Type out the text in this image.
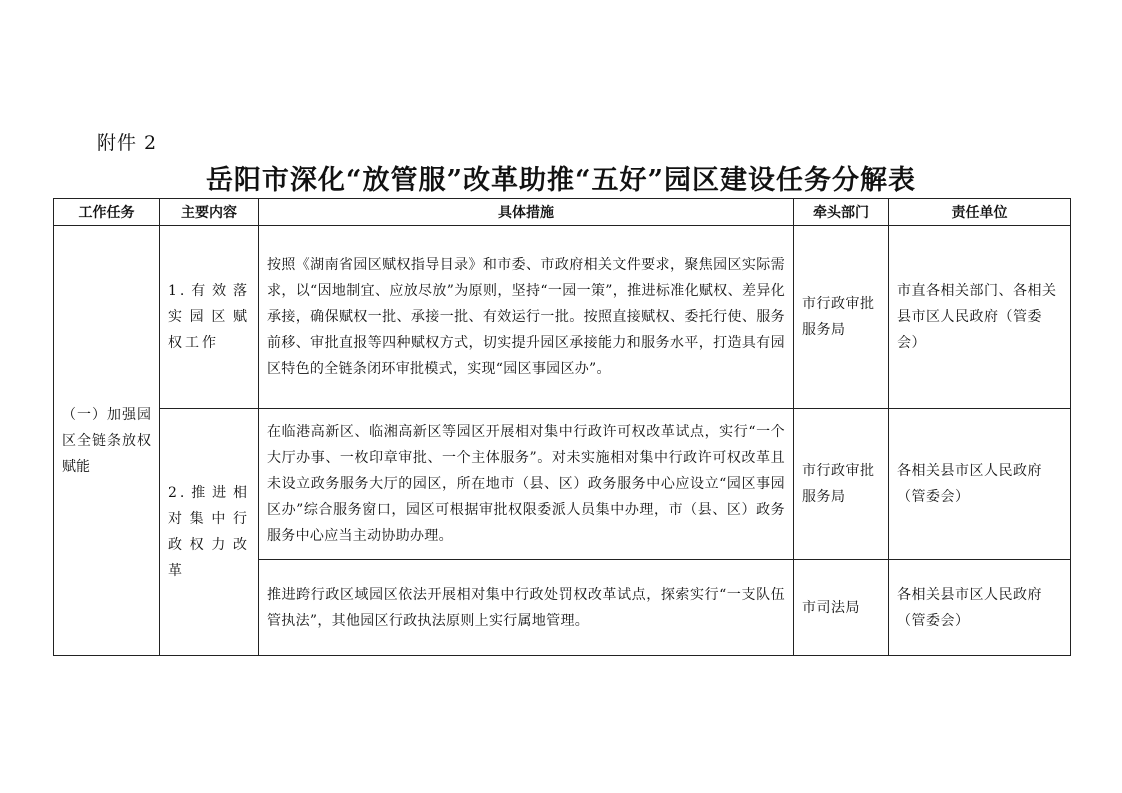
附件 2
岳阳市深化“放管服”改革助推“五好”园区建设任务分解表
工作任务	主要内容	具体措施	牵头部门	责任单位
（一）加强园区全链条放权赋能	1.有效落实园区赋权工作	按照《湖南省园区赋权指导目录》和市委、市政府相关文件要求，聚焦园区实际需求，以“因地制宜、应放尽放”为原则，坚持“一园一策”，推进标准化赋权、差异化承接，确保赋权一批、承接一批、有效运行一批。按照直接赋权、委托行使、服务前移、审批直报等四种赋权方式，切实提升园区承接能力和服务水平，打造具有园区特色的全链条闭环审批模式，实现“园区事园区办”。	市行政审批服务局	市直各相关部门、各相关县市区人民政府（管委会）
	2.推进相对集中行政权力改革	在临港高新区、临湘高新区等园区开展相对集中行政许可权改革试点，实行“一个大厅办事、一枚印章审批、一个主体服务”。对未实施相对集中行政许可权改革且未设立政务服务大厅的园区，所在地市（县、区）政务服务中心应设立“园区事园区办”综合服务窗口，园区可根据审批权限委派人员集中办理，市（县、区）政务服务中心应当主动协助办理。	市行政审批服务局	各相关县市区人民政府（管委会）
		推进跨行政区域园区依法开展相对集中行政处罚权改革试点，探索实行“一支队伍管执法”，其他园区行政执法原则上实行属地管理。	市司法局	各相关县市区人民政府（管委会）
